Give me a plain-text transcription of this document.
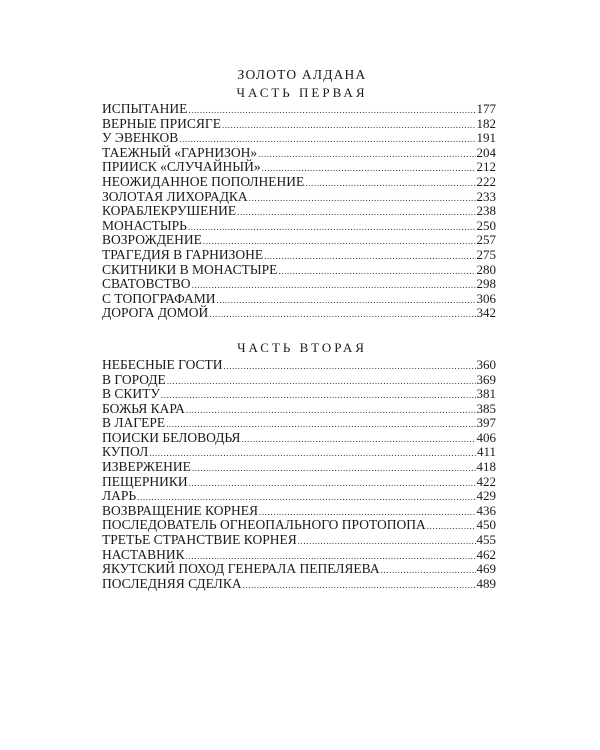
ЗОЛОТО АЛДАНА
ЧАСТЬ ПЕРВАЯ
ИСПЫТАНИЕ .....	177
ВЕРНЫЕ ПРИСЯГЕ .....	182
У ЭВЕНКОВ .....	191
ТАЕЖНЫЙ «ГАРНИЗОН» .....	204
ПРИИСК «СЛУЧАЙНЫЙ» .....	212
НЕОЖИДАННОЕ ПОПОЛНЕНИЕ .....	222
ЗОЛОТАЯ ЛИХОРАДКА .....	233
КОРАБЛЕКРУШЕНИЕ .....	238
МОНАСТЫРЬ .....	250
ВОЗРОЖДЕНИЕ .....	257
ТРАГЕДИЯ В ГАРНИЗОНЕ .....	275
СКИТНИКИ В МОНАСТЫРЕ .....	280
СВАТОВСТВО .....	298
С ТОПОГРАФАМИ .....	306
ДОРОГА ДОМОЙ .....	342
ЧАСТЬ ВТОРАЯ
НЕБЕСНЫЕ ГОСТИ .....	360
В ГОРОДЕ .....	369
В СКИТУ .....	381
БОЖЬЯ КАРА .....	385
В ЛАГЕРЕ .....	397
ПОИСКИ БЕЛОВОДЬЯ .....	406
КУПОЛ .....	411
ИЗВЕРЖЕНИЕ .....	418
ПЕЩЕРНИКИ .....	422
ЛАРЬ .....	429
ВОЗВРАЩЕНИЕ КОРНЕЯ .....	436
ПОСЛЕДОВАТЕЛЬ ОГНЕОПАЛЬНОГО ПРОТОПОПА .....	450
ТРЕТЬЕ СТРАНСТВИЕ КОРНЕЯ .....	455
НАСТАВНИК .....	462
ЯКУТСКИЙ ПОХОД ГЕНЕРАЛА ПЕПЕЛЯЕВА .....	469
ПОСЛЕДНЯЯ СДЕЛКА .....	489
